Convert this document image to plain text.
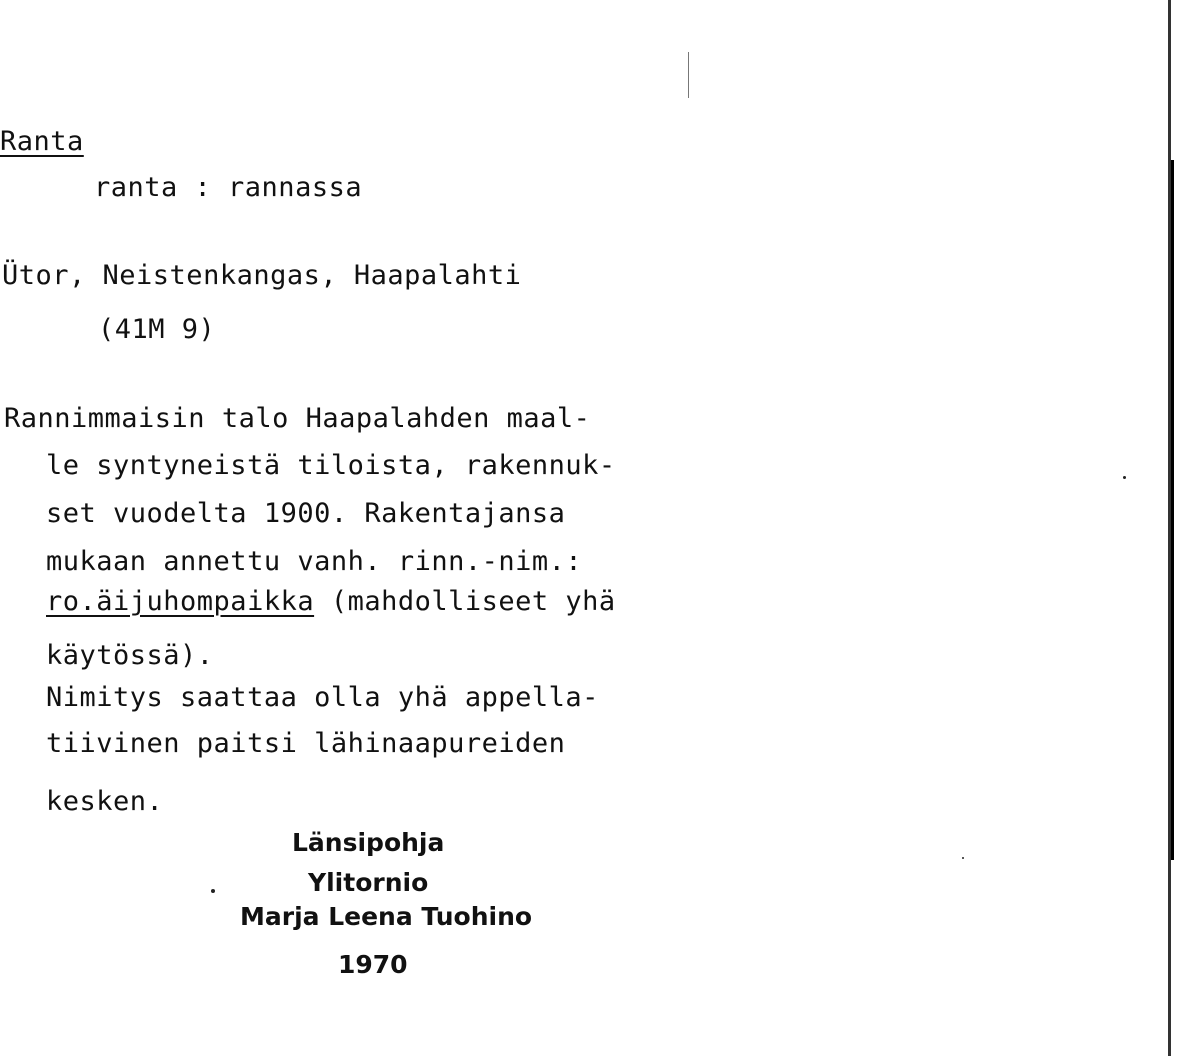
Ranta
ranta : rannassa
Ütor, Neistenkangas, Haapalahti
(41M 9)
Rannimmaisin talo Haapalahden maal-
le syntyneistä tiloista, rakennuk-
set vuodelta 1900. Rakentajansa
mukaan annettu vanh. rinn.-nim.:
ro.äijuhompaikka (mahdolliseet yhä
käytössä).
Nimitys saattaa olla yhä appella-
tiivinen paitsi lähinaapureiden
kesken.
Länsipohja
Ylitornio
Marja Leena Tuohino
1970
